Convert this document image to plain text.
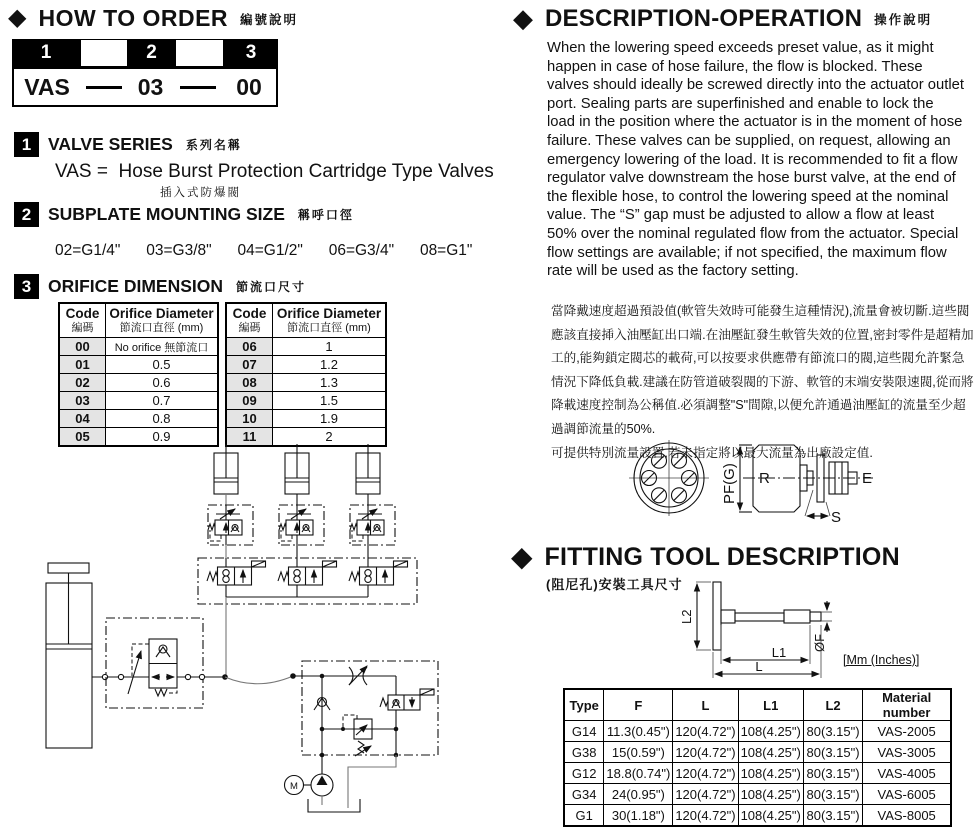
◆ HOW TO ORDER 編號說明
1	2	3
VAS	03	00
1 VALVE SERIES 系列名稱
VAS =  Hose Burst Protection Cartridge Type Valves
插入式防爆閥
2 SUBPLATE MOUNTING SIZE 稱呼口徑
02=G1/4"      03=G3/8"      04=G1/2"      06=G3/4"      08=G1"
3 ORIFICE DIMENSION 節流口尺寸
Code
編碼	Orifice Diameter
節流口直徑 (mm)

00	No orifice 無節流口
01	0.5
02	0.6
03	0.7
04	0.8
05	0.9
Code
編碼	Orifice Diameter
節流口直徑 (mm)

06	1
07	1.2
08	1.3
09	1.5
10	1.9
11	2
M
◆ DESCRIPTION-OPERATION 操作說明
When the lowering speed exceeds preset value, as it might happen in case of hose failure, the flow is blocked. These valves should ideally be screwed directly into the actuator outlet port. Sealing parts are superfinished and enable to lock the load in the position where the actuator is in the moment of hose failure. These valves can be supplied, on request, allowing an emergency lowering of the load. It is recommended to fit a flow regulator valve downstream the hose burst valve, at the end of the flexible hose, to control the lowering speed at the nominal value. The “S” gap must be adjusted to allow a flow at least 50% over the nominal regulated flow from the actuator. Special flow settings are available; if not specified, the maximum flow rate will be used as the factory setting.

當降戴速度超過預設值(軟管失效時可能發生這種情況),流量會被切斷.這些閥應該直接揷入油壓缸出口端.在油壓缸發生軟管失效的位置,密封零件是超精加工的,能夠鎖定閥芯的載荷,可以按要求供應帶有節流口的閥,這些閥允許緊急情況下降低負載.建議在防管道破裂閥的下游、軟管的末端安裝限速閥,從而將降載速度控制為公稱值.必須調整"S"間隙,以便允許通過油壓缸的流量至少超過調節流量的50%.

可提供特別流量設置,若未指定將以最大流量為出廠設定值.

PF(G) R	E
S
◆ FITTING TOOL DESCRIPTION
(阻尼孔)安裝工具尺寸
L2
ØF
L1
L	[Mm (Inches)]
Type	F	L	L1	L2	Material number
G14	11.3(0.45")	120(4.72")	108(4.25")	80(3.15")	VAS-2005
G38	15(0.59")	120(4.72")	108(4.25")	80(3.15")	VAS-3005
G12	18.8(0.74")	120(4.72")	108(4.25")	80(3.15")	VAS-4005
G34	24(0.95")	120(4.72")	108(4.25")	80(3.15")	VAS-6005
G1	30(1.18")	120(4.72")	108(4.25")	80(3.15")	VAS-8005
